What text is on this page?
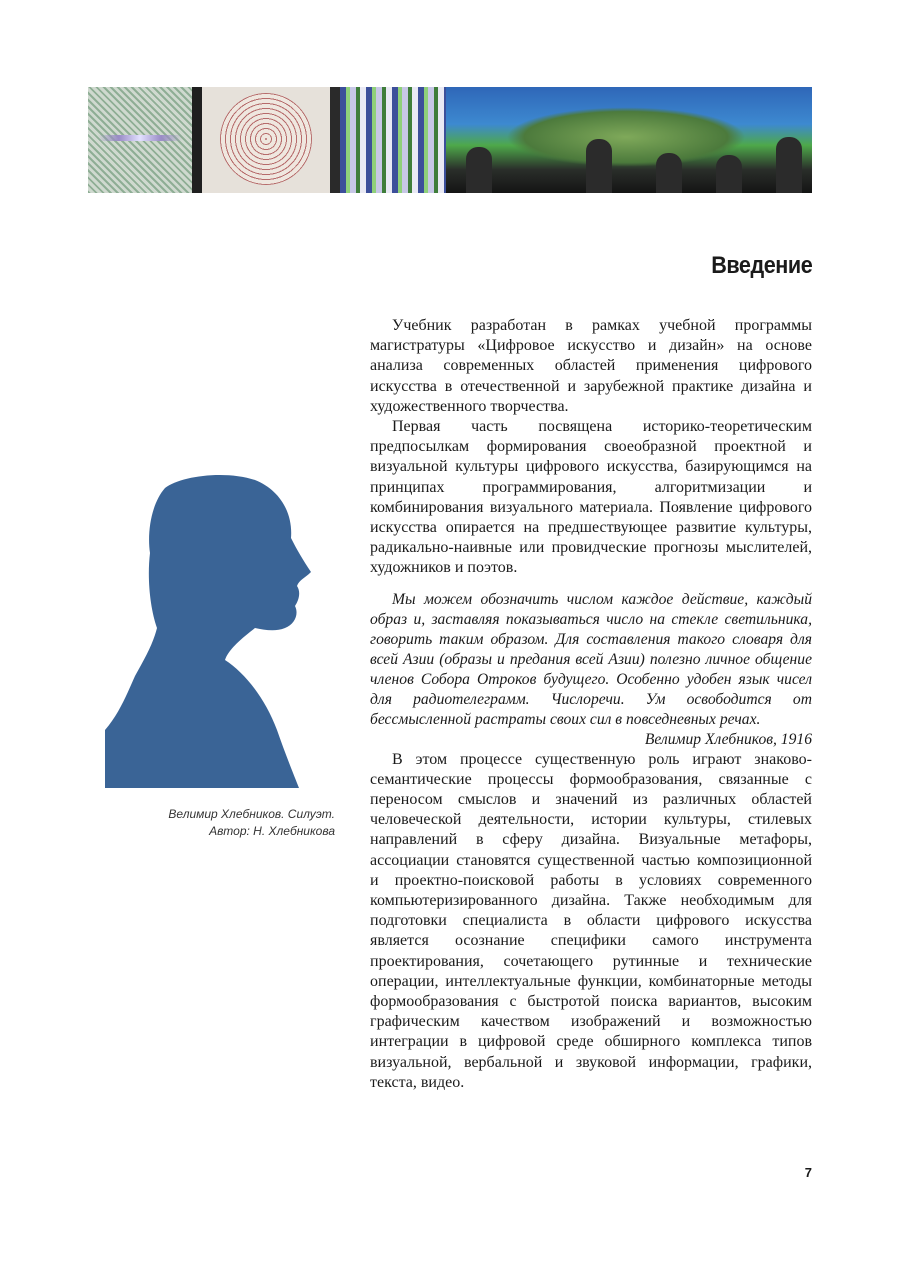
Введение
Велимир Хлебников. Силуэт.
Автор: Н. Хлебникова

Учебник разработан в рамках учебной программы магистратуры «Цифровое искусство и дизайн» на основе анализа современных областей применения цифрового искусства в отечественной и зарубежной практике дизайна и художественного творчества.

Первая часть посвящена историко-теоретическим предпосылкам формирования своеобразной проектной и визуальной культуры цифрового искусства, базирующимся на принципах программирования, алгоритмизации и комбинирования визуального материала. Появление цифрового искусства опирается на предшествующее развитие культуры, радикально-наивные или провидческие прогнозы мыслителей, художников и поэтов.

Мы можем обозначить числом каждое действие, каждый образ и, заставляя показываться число на стекле светильника, говорить таким образом. Для составления такого словаря для всей Азии (образы и предания всей Азии) полезно личное общение членов Собора Отроков будущего. Особенно удобен язык чисел для радиотелеграмм. Числоречи. Ум освободится от бессмысленной растраты своих сил в повседневных речах.
Велимир Хлебников, 1916

В этом процессе существенную роль играют знаково-семантические процессы формообразования, связанные с переносом смыслов и значений из различных областей человеческой деятельности, истории культуры, стилевых направлений в сферу дизайна. Визуальные метафоры, ассоциации становятся существенной частью композиционной и проектно-поисковой работы в условиях современного компьютеризированного дизайна. Также необходимым для подготовки специалиста в области цифрового искусства является осознание специфики самого инструмента проектирования, сочетающего рутинные и технические операции, интеллектуальные функции, комбинаторные методы формообразования с быстротой поиска вариантов, высоким графическим качеством изображений и возможностью интеграции в цифровой среде обширного комплекса типов визуальной, вербальной и звуковой информации, графики, текста, видео.

7
